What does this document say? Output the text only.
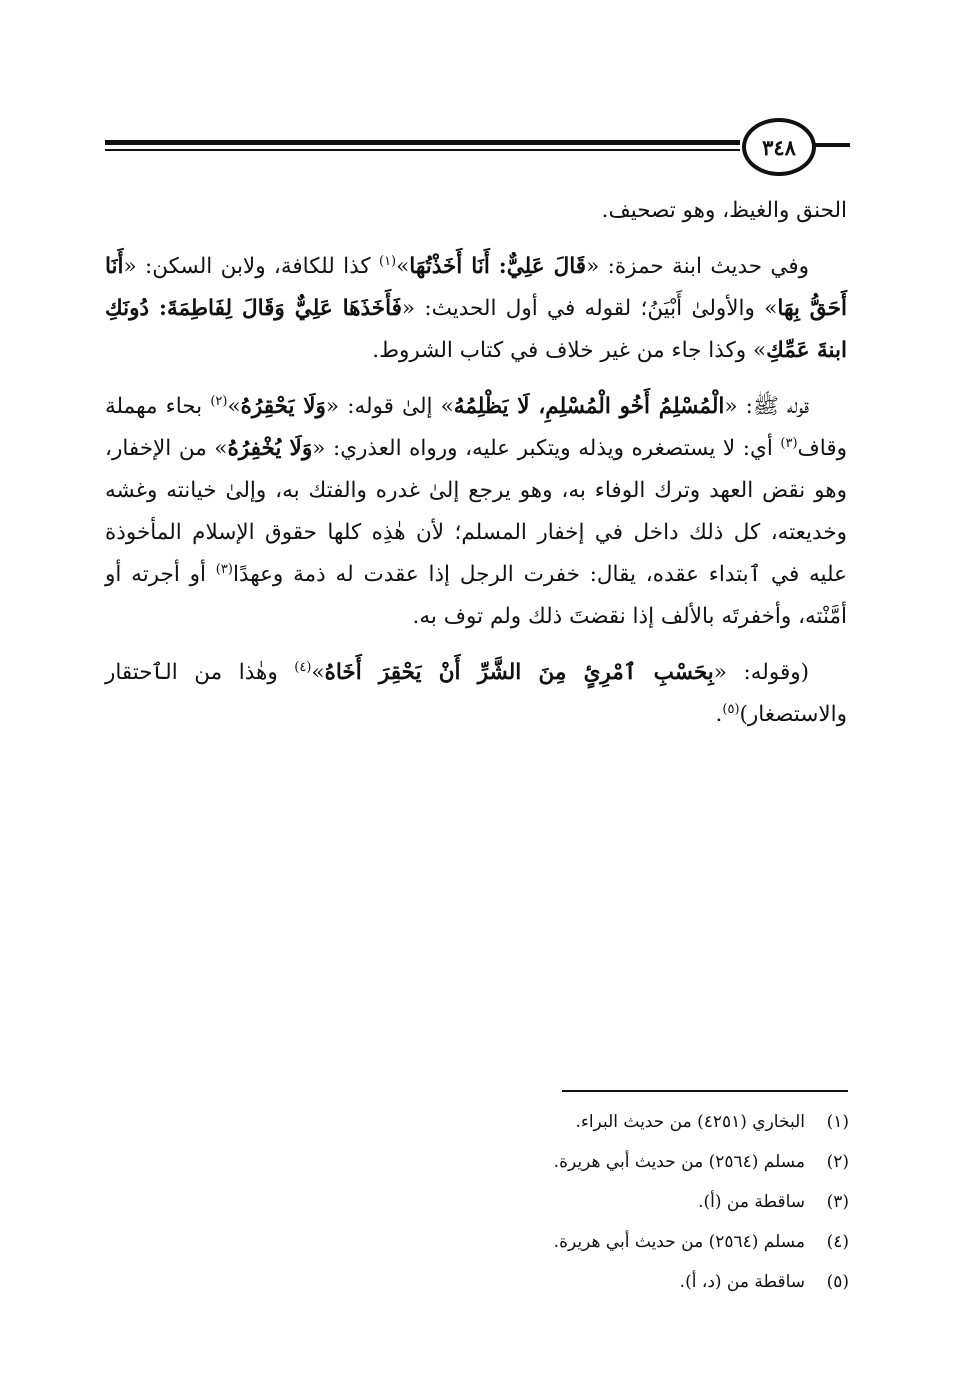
٣٤٨

الحنق والغيظ، وهو تصحيف.

وفي حديث ابنة حمزة: «قَالَ عَلِيٌّ: أَنَا أَخَذْتُهَا»$^{(١)}$ كذا للكافة، ولابن السكن: «أَنَا أَحَقُّ بِهَا» والأولىٰ أَبْيَنُ؛ لقوله في أول الحديث: «فَأَخَذَهَا عَلِيٌّ وَقَالَ لِفَاطِمَةَ: دُونَكِ ابنةَ عَمِّكِ» وكذا جاء من غير خلاف في كتاب الشروط.

قوله ﷺ: «الْمُسْلِمُ أَخُو الْمُسْلِمِ، لَا يَظْلِمُهُ» إلىٰ قوله: «وَلَا يَحْقِرُهُ»$^{(٢)}$ بحاء مهملة وقاف$^{(٣)}$ أي: لا يستصغره ويذله ويتكبر عليه، ورواه العذري: «وَلَا يُخْفِرُهُ» من الإخفار، وهو نقض العهد وترك الوفاء به، وهو يرجع إلىٰ غدره والفتك به، وإلىٰ خيانته وغشه وخديعته، كل ذلك داخل في إخفار المسلم؛ لأن هٰذِه كلها حقوق الإسلام المأخوذة عليه في ٱبتداء عقده، يقال: خفرت الرجل إذا عقدت له ذمة وعهدًا$^{(٣)}$ أو أجرته أو أمَّنْته، وأخفرتَه بالألف إذا نقضتَ ذلك ولم توف به.

(وقوله: «بِحَسْبِ ٱمْرِئٍ مِنَ الشَّرِّ أَنْ يَحْقِرَ أَخَاهُ»$^{(٤)}$ وهٰذا من الٱحتقار والاستصغار)$^{(٥)}$.

(١)البخاري (٤٢٥١) من حديث البراء.
(٢)مسلم (٢٥٦٤) من حديث أبي هريرة.
(٣)ساقطة من (أ).
(٤)مسلم (٢٥٦٤) من حديث أبي هريرة.
(٥)ساقطة من (د، أ).
